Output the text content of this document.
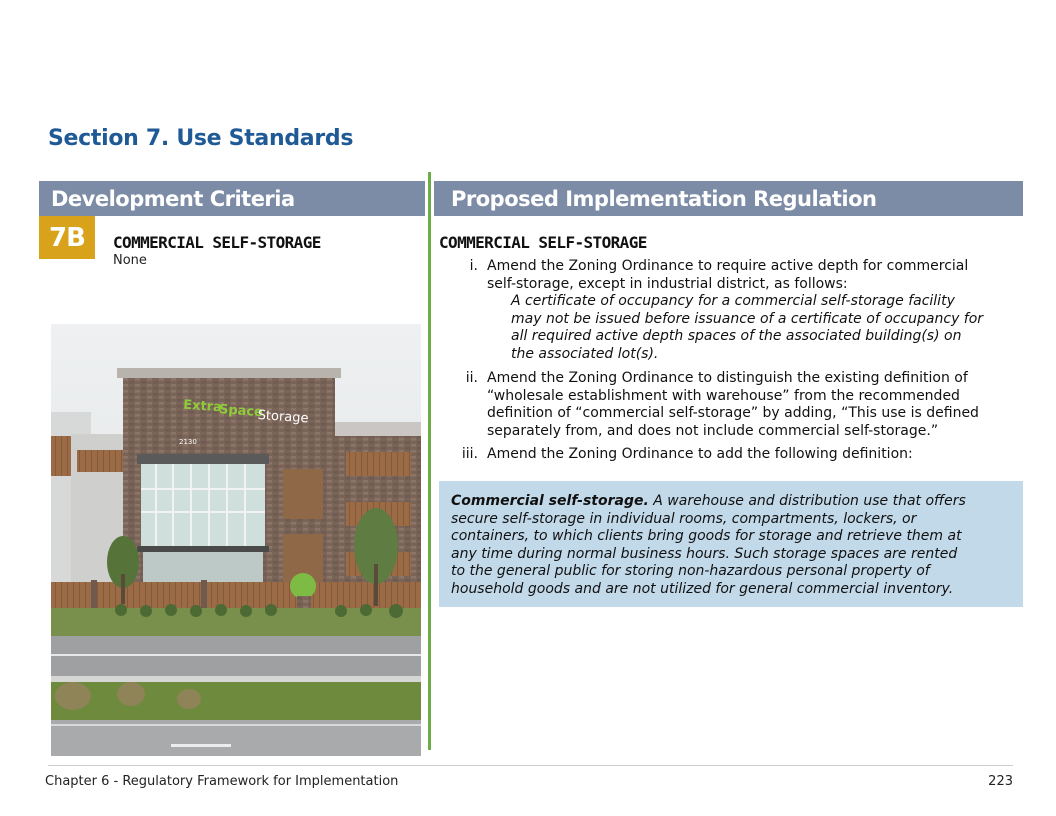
Section 7. Use Standards
Development Criteria	Proposed Implementation Regulation
7B	COMMERCIAL SELF-STORAGE
None
Extra
Space
Storage
2130
COMMERCIAL SELF-STORAGE
i. Amend the Zoning Ordinance to require active depth for commercial
self-storage, except in industrial district, as follows:
A certificate of occupancy for a commercial self-storage facility
may not be issued before issuance of a certificate of occupancy for
all required active depth spaces of the associated building(s) on
the associated lot(s).
ii. Amend the Zoning Ordinance to distinguish the existing definition of
“wholesale establishment with warehouse” from the recommended
definition of “commercial self-storage” by adding, “This use is defined
separately from, and does not include commercial self-storage.”
iii. Amend the Zoning Ordinance to add the following definition:
Commercial self-storage. A warehouse and distribution use that offers
secure self-storage in individual rooms, compartments, lockers, or
containers, to which clients bring goods for storage and retrieve them at
any time during normal business hours. Such storage spaces are rented
to the general public for storing non-hazardous personal property of
household goods and are not utilized for general commercial inventory.
Chapter 6 - Regulatory Framework for Implementation	223
